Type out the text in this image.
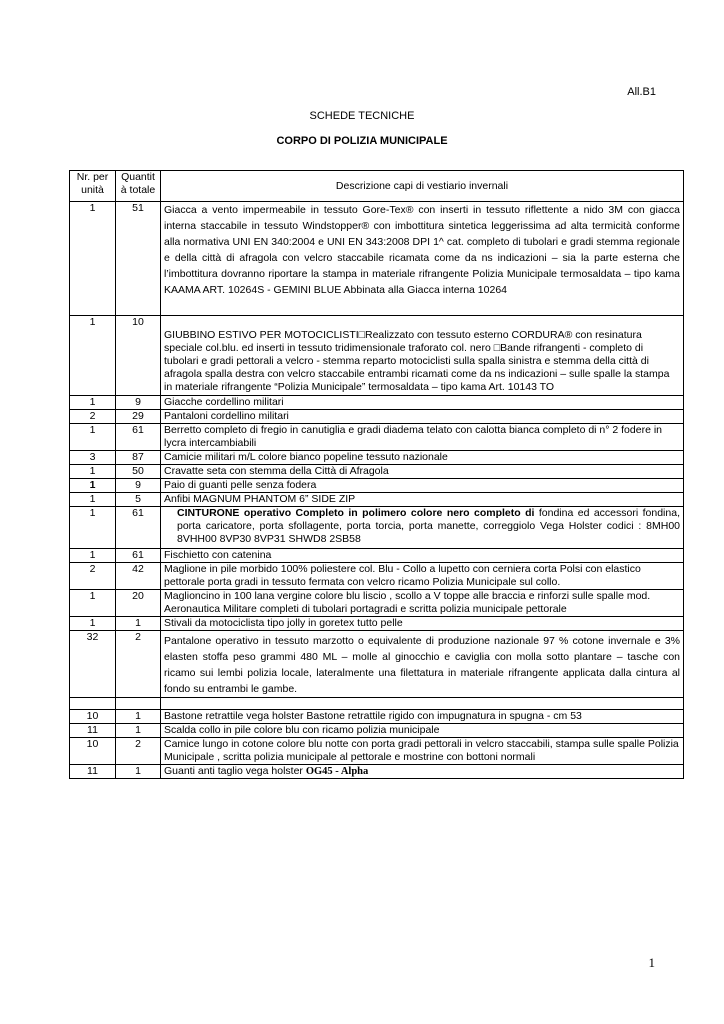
All.B1
SCHEDE TECNICHE
CORPO DI POLIZIA MUNICIPALE
Nr. per unità	Quantit à totale	Descrizione capi di vestiario invernali
1	51	Giacca a vento impermeabile in tessuto Gore-Tex® con inserti in tessuto riflettente a nido 3M con giacca interna staccabile in tessuto Windstopper® con imbottitura sintetica leggerissima ad alta termicità conforme alla normativa UNI EN 340:2004 e UNI EN 343:2008 DPI 1^ cat. completo di tubolari e gradi stemma regionale e della città di afragola con velcro staccabile ricamata come da ns indicazioni – sia la parte esterna che l’imbottitura dovranno riportare la stampa in materiale rifrangente Polizia Municipale termosaldata – tipo kama KAAMA ART. 10264S - GEMINI BLUE Abbinata alla Giacca interna 10264
1	10	GIUBBINO ESTIVO PER MOTOCICLISTI□Realizzato con tessuto esterno CORDURA® con resinatura speciale col.blu. ed inserti in tessuto tridimensionale traforato col. nero □Bande rifrangenti - completo di tubolari e gradi pettorali a velcro - stemma reparto motociclisti sulla spalla sinistra e stemma della città di afragola spalla destra con velcro staccabile entrambi ricamati come da ns indicazioni – sulle spalle la stampa in materiale rifrangente “Polizia Municipale” termosaldata – tipo kama Art. 10143 TO
1	9	Giacche cordellino militari
2	29	Pantaloni cordellino militari
1	61	Berretto completo di fregio in canutiglia e gradi diadema telato con calotta bianca completo di n° 2 fodere in lycra intercambiabili
3	87	Camicie militari m/L colore bianco popeline tessuto nazionale
1	50	Cravatte seta con stemma della Città di Afragola
1	9	Paio di guanti pelle senza fodera
1	5	Anfibi MAGNUM PHANTOM 6” SIDE ZIP
1	61	CINTURONE operativo Completo in polimero colore nero completo di fondina ed accessori fondina, porta caricatore, porta sfollagente, porta torcia, porta manette, correggiolo Vega Holster codici : 8MH00 8VHH00 8VP30 8VP31 SHWD8 2SB58
1	61	Fischietto con catenina
2	42	Maglione in pile morbido 100% poliestere col. Blu - Collo a lupetto con cerniera corta Polsi con elastico pettorale porta gradi in tessuto fermata con velcro ricamo Polizia Municipale sul collo.
1	20	Maglioncino in 100 lana vergine colore blu liscio , scollo a V toppe alle braccia e rinforzi sulle spalle mod. Aeronautica Militare completi di tubolari portagradi e scritta polizia municipale pettorale
1	1	Stivali da motociclista tipo jolly in goretex tutto pelle
32	2	Pantalone operativo in tessuto marzotto o equivalente di produzione nazionale 97 % cotone invernale e 3% elasten stoffa peso grammi 480 ML – molle al ginocchio e caviglia con molla sotto plantare – tasche con ricamo sui lembi polizia locale, lateralmente una filettatura in materiale rifrangente applicata dalla cintura al fondo su entrambi le gambe.

10	1	Bastone retrattile vega holster Bastone retrattile rigido con impugnatura in spugna - cm 53
11	1	Scalda collo in pile colore blu con ricamo polizia municipale
10	2	Camice lungo in cotone colore blu notte con porta gradi pettorali in velcro staccabili, stampa sulle spalle Polizia Municipale , scritta polizia municipale al pettorale e mostrine con bottoni normali
11	1	Guanti anti taglio vega holster OG45 - Alpha
1
